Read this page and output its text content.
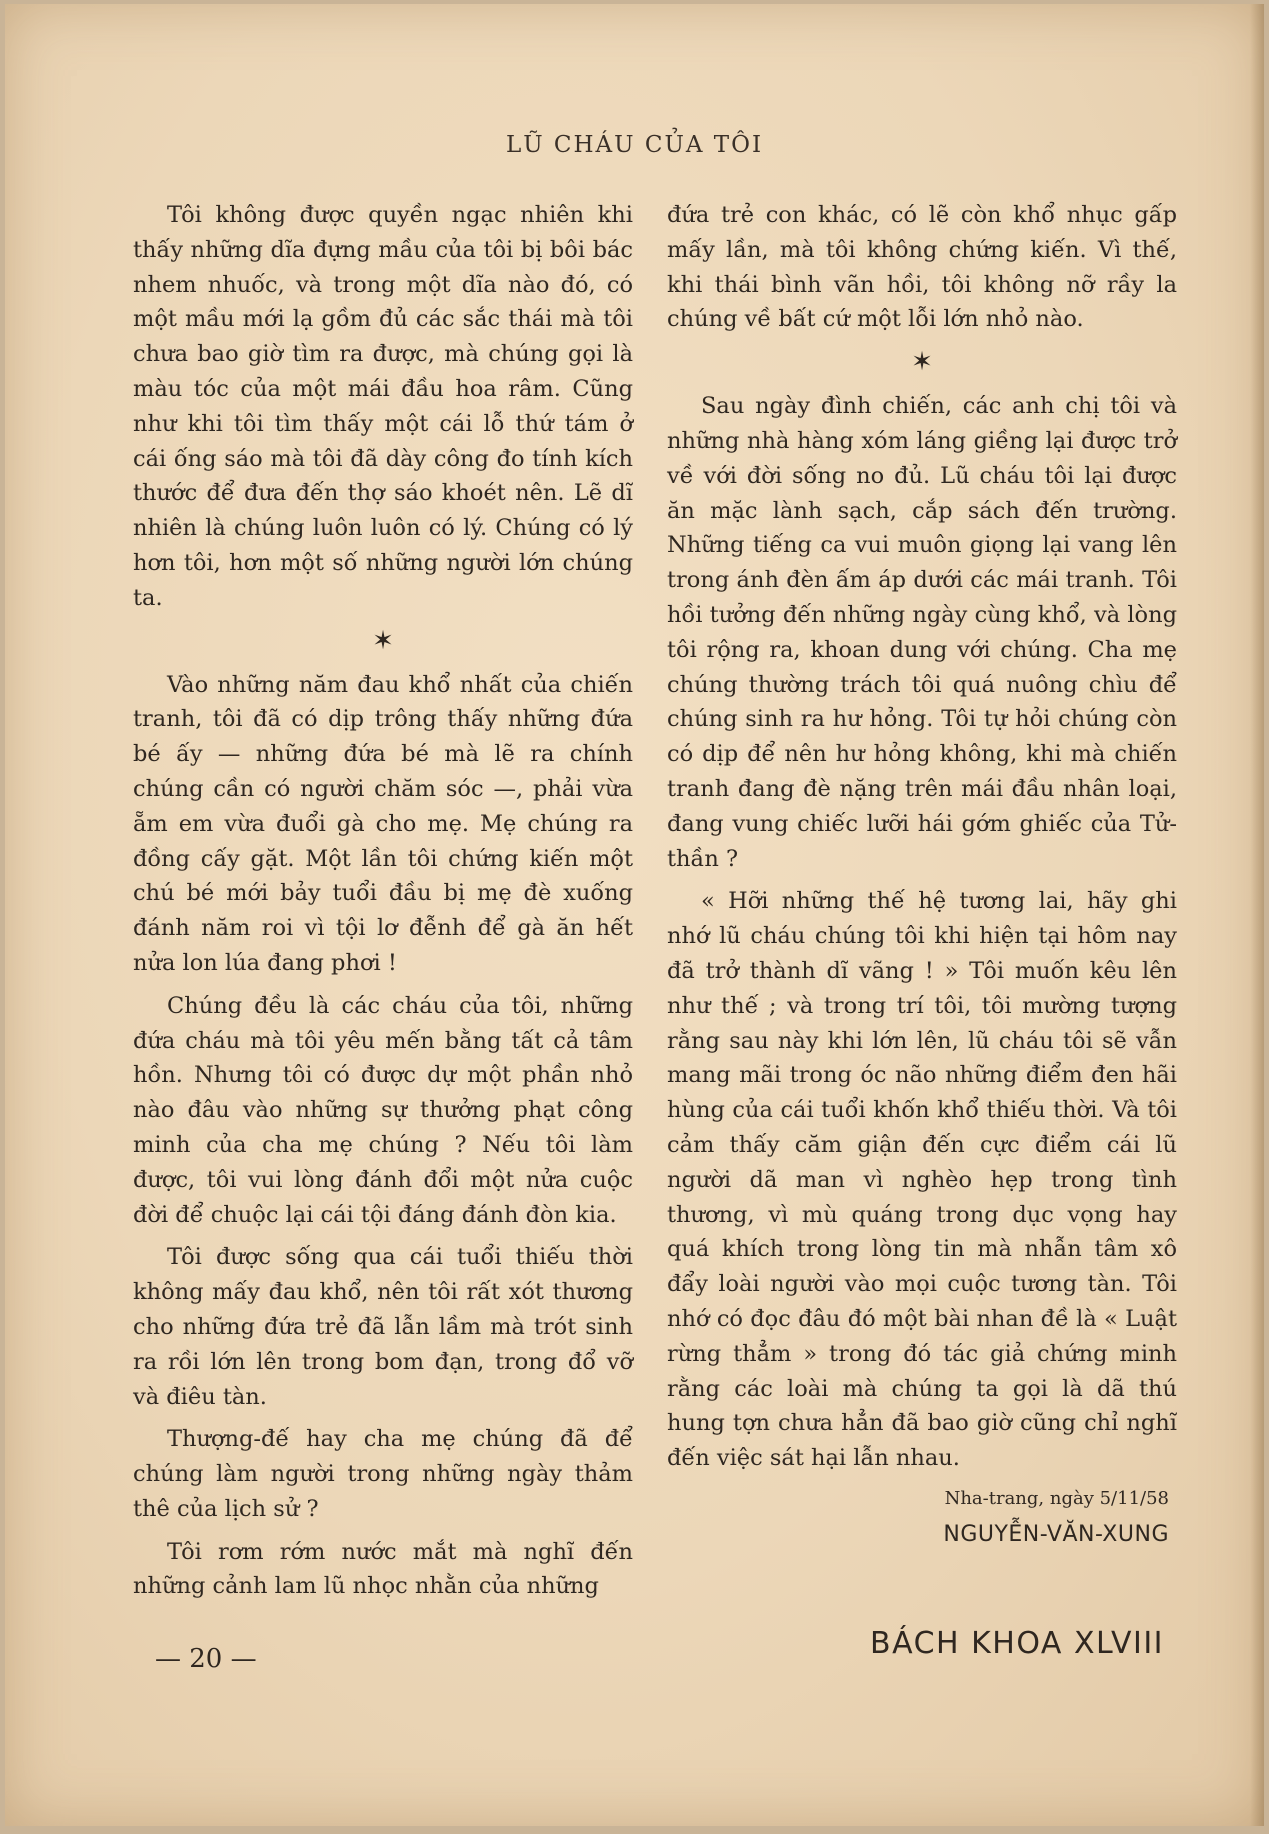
LŨ CHÁU CỦA TÔI

Tôi không được quyền ngạc nhiên khi thấy những dĩa đựng mầu của tôi bị bôi bác nhem nhuốc, và trong một dĩa nào đó, có một mầu mới lạ gồm đủ các sắc thái mà tôi chưa bao giờ tìm ra được, mà chúng gọi là màu tóc của một mái đầu hoa râm. Cũng như khi tôi tìm thấy một cái lỗ thứ tám ở cái ống sáo mà tôi đã dày công đo tính kích thước để đưa đến thợ sáo khoét nên. Lẽ dĩ nhiên là chúng luôn luôn có lý. Chúng có lý hơn tôi, hơn một số những người lớn chúng ta.

✶

Vào những năm đau khổ nhất của chiến tranh, tôi đã có dịp trông thấy những đứa bé ấy — những đứa bé mà lẽ ra chính chúng cần có người chăm sóc —, phải vừa ẵm em vừa đuổi gà cho mẹ. Mẹ chúng ra đồng cấy gặt. Một lần tôi chứng kiến một chú bé mới bảy tuổi đầu bị mẹ đè xuống đánh năm roi vì tội lơ đễnh để gà ăn hết nửa lon lúa đang phơi !

Chúng đều là các cháu của tôi, những đứa cháu mà tôi yêu mến bằng tất cả tâm hồn. Nhưng tôi có được dự một phần nhỏ nào đâu vào những sự thưởng phạt công minh của cha mẹ chúng ? Nếu tôi làm được, tôi vui lòng đánh đổi một nửa cuộc đời để chuộc lại cái tội đáng đánh đòn kia.

Tôi được sống qua cái tuổi thiếu thời không mấy đau khổ, nên tôi rất xót thương cho những đứa trẻ đã lẫn lầm mà trót sinh ra rồi lớn lên trong bom đạn, trong đổ vỡ và điêu tàn.

Thượng-đế hay cha mẹ chúng đã để chúng làm người trong những ngày thảm thê của lịch sử ?

Tôi rơm rớm nước mắt mà nghĩ đến những cảnh lam lũ nhọc nhằn của những

đứa trẻ con khác, có lẽ còn khổ nhục gấp mấy lần, mà tôi không chứng kiến. Vì thế, khi thái bình vãn hồi, tôi không nỡ rầy la chúng về bất cứ một lỗi lớn nhỏ nào.

✶

Sau ngày đình chiến, các anh chị tôi và những nhà hàng xóm láng giềng lại được trở về với đời sống no đủ. Lũ cháu tôi lại được ăn mặc lành sạch, cắp sách đến trường. Những tiếng ca vui muôn giọng lại vang lên trong ánh đèn ấm áp dưới các mái tranh. Tôi hồi tưởng đến những ngày cùng khổ, và lòng tôi rộng ra, khoan dung với chúng. Cha mẹ chúng thường trách tôi quá nuông chìu để chúng sinh ra hư hỏng. Tôi tự hỏi chúng còn có dịp để nên hư hỏng không, khi mà chiến tranh đang đè nặng trên mái đầu nhân loại, đang vung chiếc lưỡi hái gớm ghiếc của Tử-thần ?

« Hỡi những thế hệ tương lai, hãy ghi nhớ lũ cháu chúng tôi khi hiện tại hôm nay đã trở thành dĩ vãng ! » Tôi muốn kêu lên như thế ; và trong trí tôi, tôi mường tượng rằng sau này khi lớn lên, lũ cháu tôi sẽ vẫn mang mãi trong óc não những điểm đen hãi hùng của cái tuổi khốn khổ thiếu thời. Và tôi cảm thấy căm giận đến cực điểm cái lũ người dã man vì nghèo hẹp trong tình thương, vì mù quáng trong dục vọng hay quá khích trong lòng tin mà nhẫn tâm xô đẩy loài người vào mọi cuộc tương tàn. Tôi nhớ có đọc đâu đó một bài nhan đề là « Luật rừng thẳm » trong đó tác giả chứng minh rằng các loài mà chúng ta gọi là dã thú hung tợn chưa hẳn đã bao giờ cũng chỉ nghĩ đến việc sát hại lẫn nhau.

Nha-trang, ngày 5/11/58
NGUYỄN-VĂN-XUNG
— 20 —	BÁCH KHOA XLVIII
